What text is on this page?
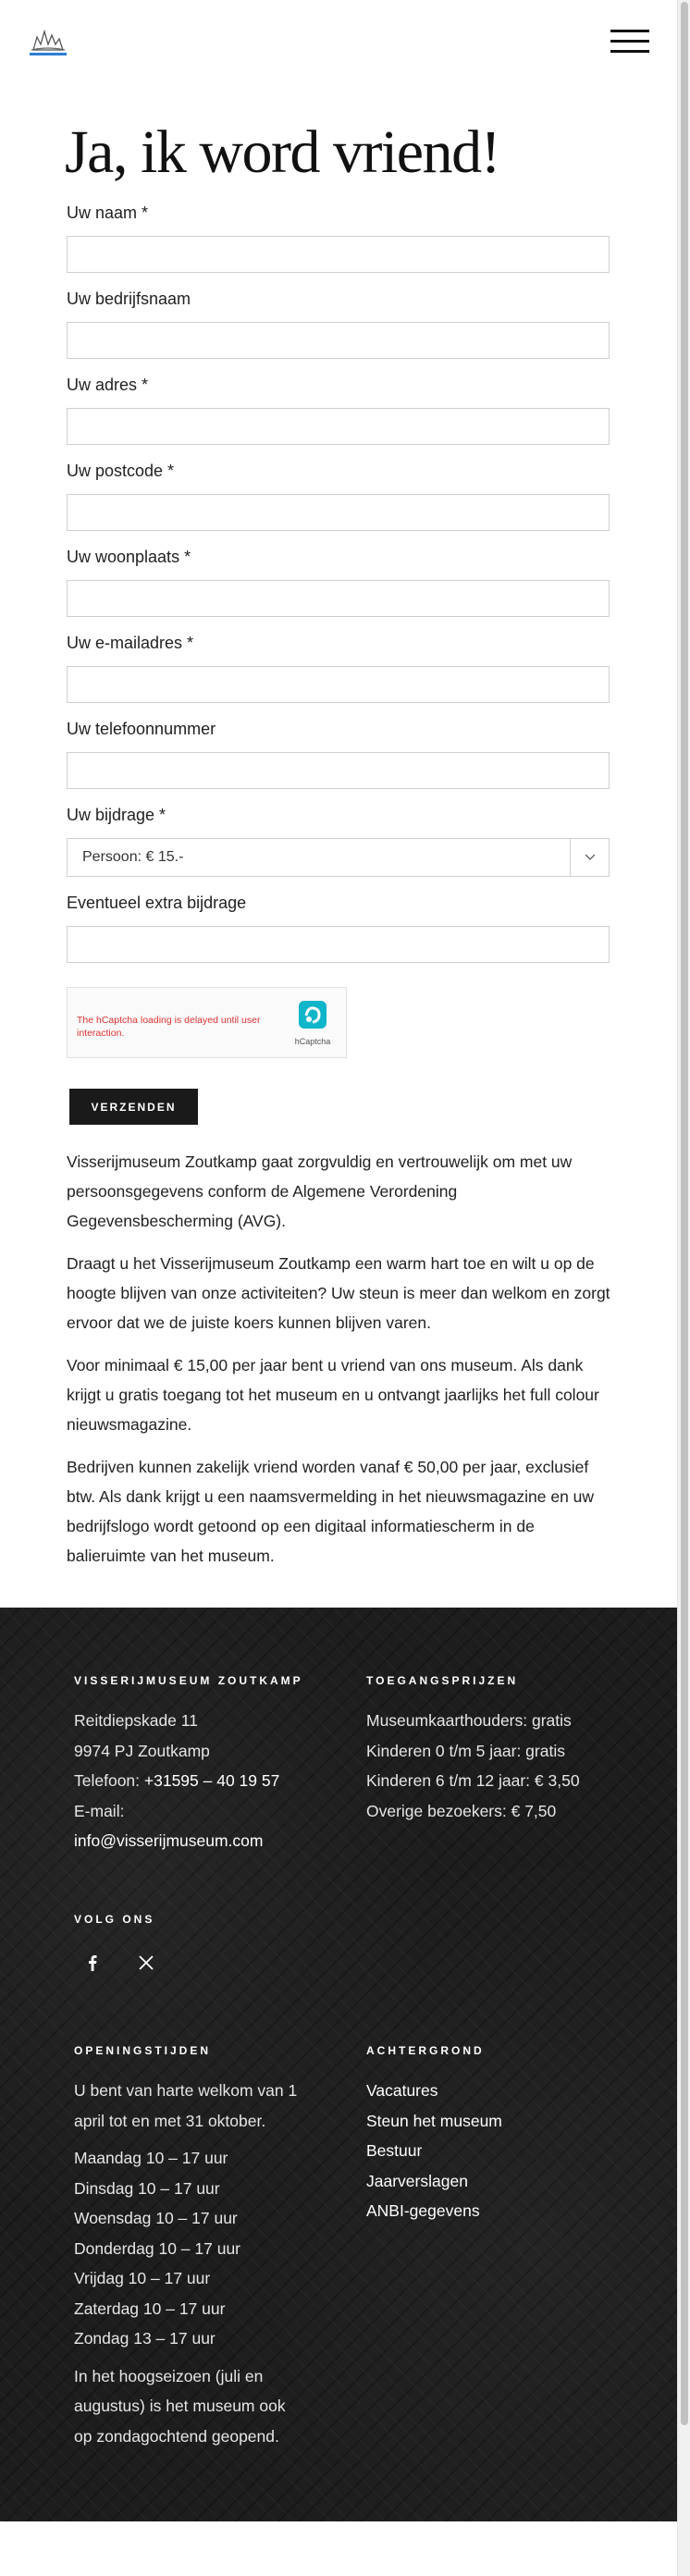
Ja, ik word vriend!
Uw naam *
Uw bedrijfsnaam
Uw adres *
Uw postcode *
Uw woonplaats *
Uw e-mailadres *
Uw telefoonnummer
Uw bijdrage *
Persoon: € 15.-
Eventueel extra bijdrage
The hCaptcha loading is delayed until user interaction.
hCaptcha
VERZENDEN

Visserijmuseum Zoutkamp gaat zorgvuldig en vertrouwelijk om met uw persoonsgegevens conform de Algemene Verordening Gegevensbescherming (AVG).

Draagt u het Visserijmuseum Zoutkamp een warm hart toe en wilt u op de hoogte blijven van onze activiteiten? Uw steun is meer dan welkom en zorgt ervoor dat we de juiste koers kunnen blijven varen.

Voor minimaal € 15,00 per jaar bent u vriend van ons museum. Als dank krijgt u gratis toegang tot het museum en u ontvangt jaarlijks het full colour nieuwsmagazine.

Bedrijven kunnen zakelijk vriend worden vanaf € 50,00 per jaar, exclusief btw. Als dank krijgt u een naamsvermelding in het nieuwsmagazine en uw bedrijfslogo wordt getoond op een digitaal informatiescherm in de balieruimte van het museum.

VISSERIJMUSEUM ZOUTKAMP
Reitdiepskade 11
9974 PJ Zoutkamp
Telefoon: +31595 – 40 19 57
E-mail:
info@visserijmuseum.com
TOEGANGSPRIJZEN
Museumkaarthouders: gratis
Kinderen 0 t/m 5 jaar: gratis
Kinderen 6 t/m 12 jaar: € 3,50
Overige bezoekers: € 7,50
VOLG ONS
OPENINGSTIJDEN
U bent van harte welkom van 1 april tot en met 31 oktober.
Maandag 10 – 17 uur
Dinsdag 10 – 17 uur
Woensdag 10 – 17 uur
Donderdag 10 – 17 uur
Vrijdag 10 – 17 uur
Zaterdag 10 – 17 uur
Zondag 13 – 17 uur
In het hoogseizoen (juli en augustus) is het museum ook op zondagochtend geopend.
ACHTERGROND
Vacatures
Steun het museum
Bestuur
Jaarverslagen
ANBI-gegevens
